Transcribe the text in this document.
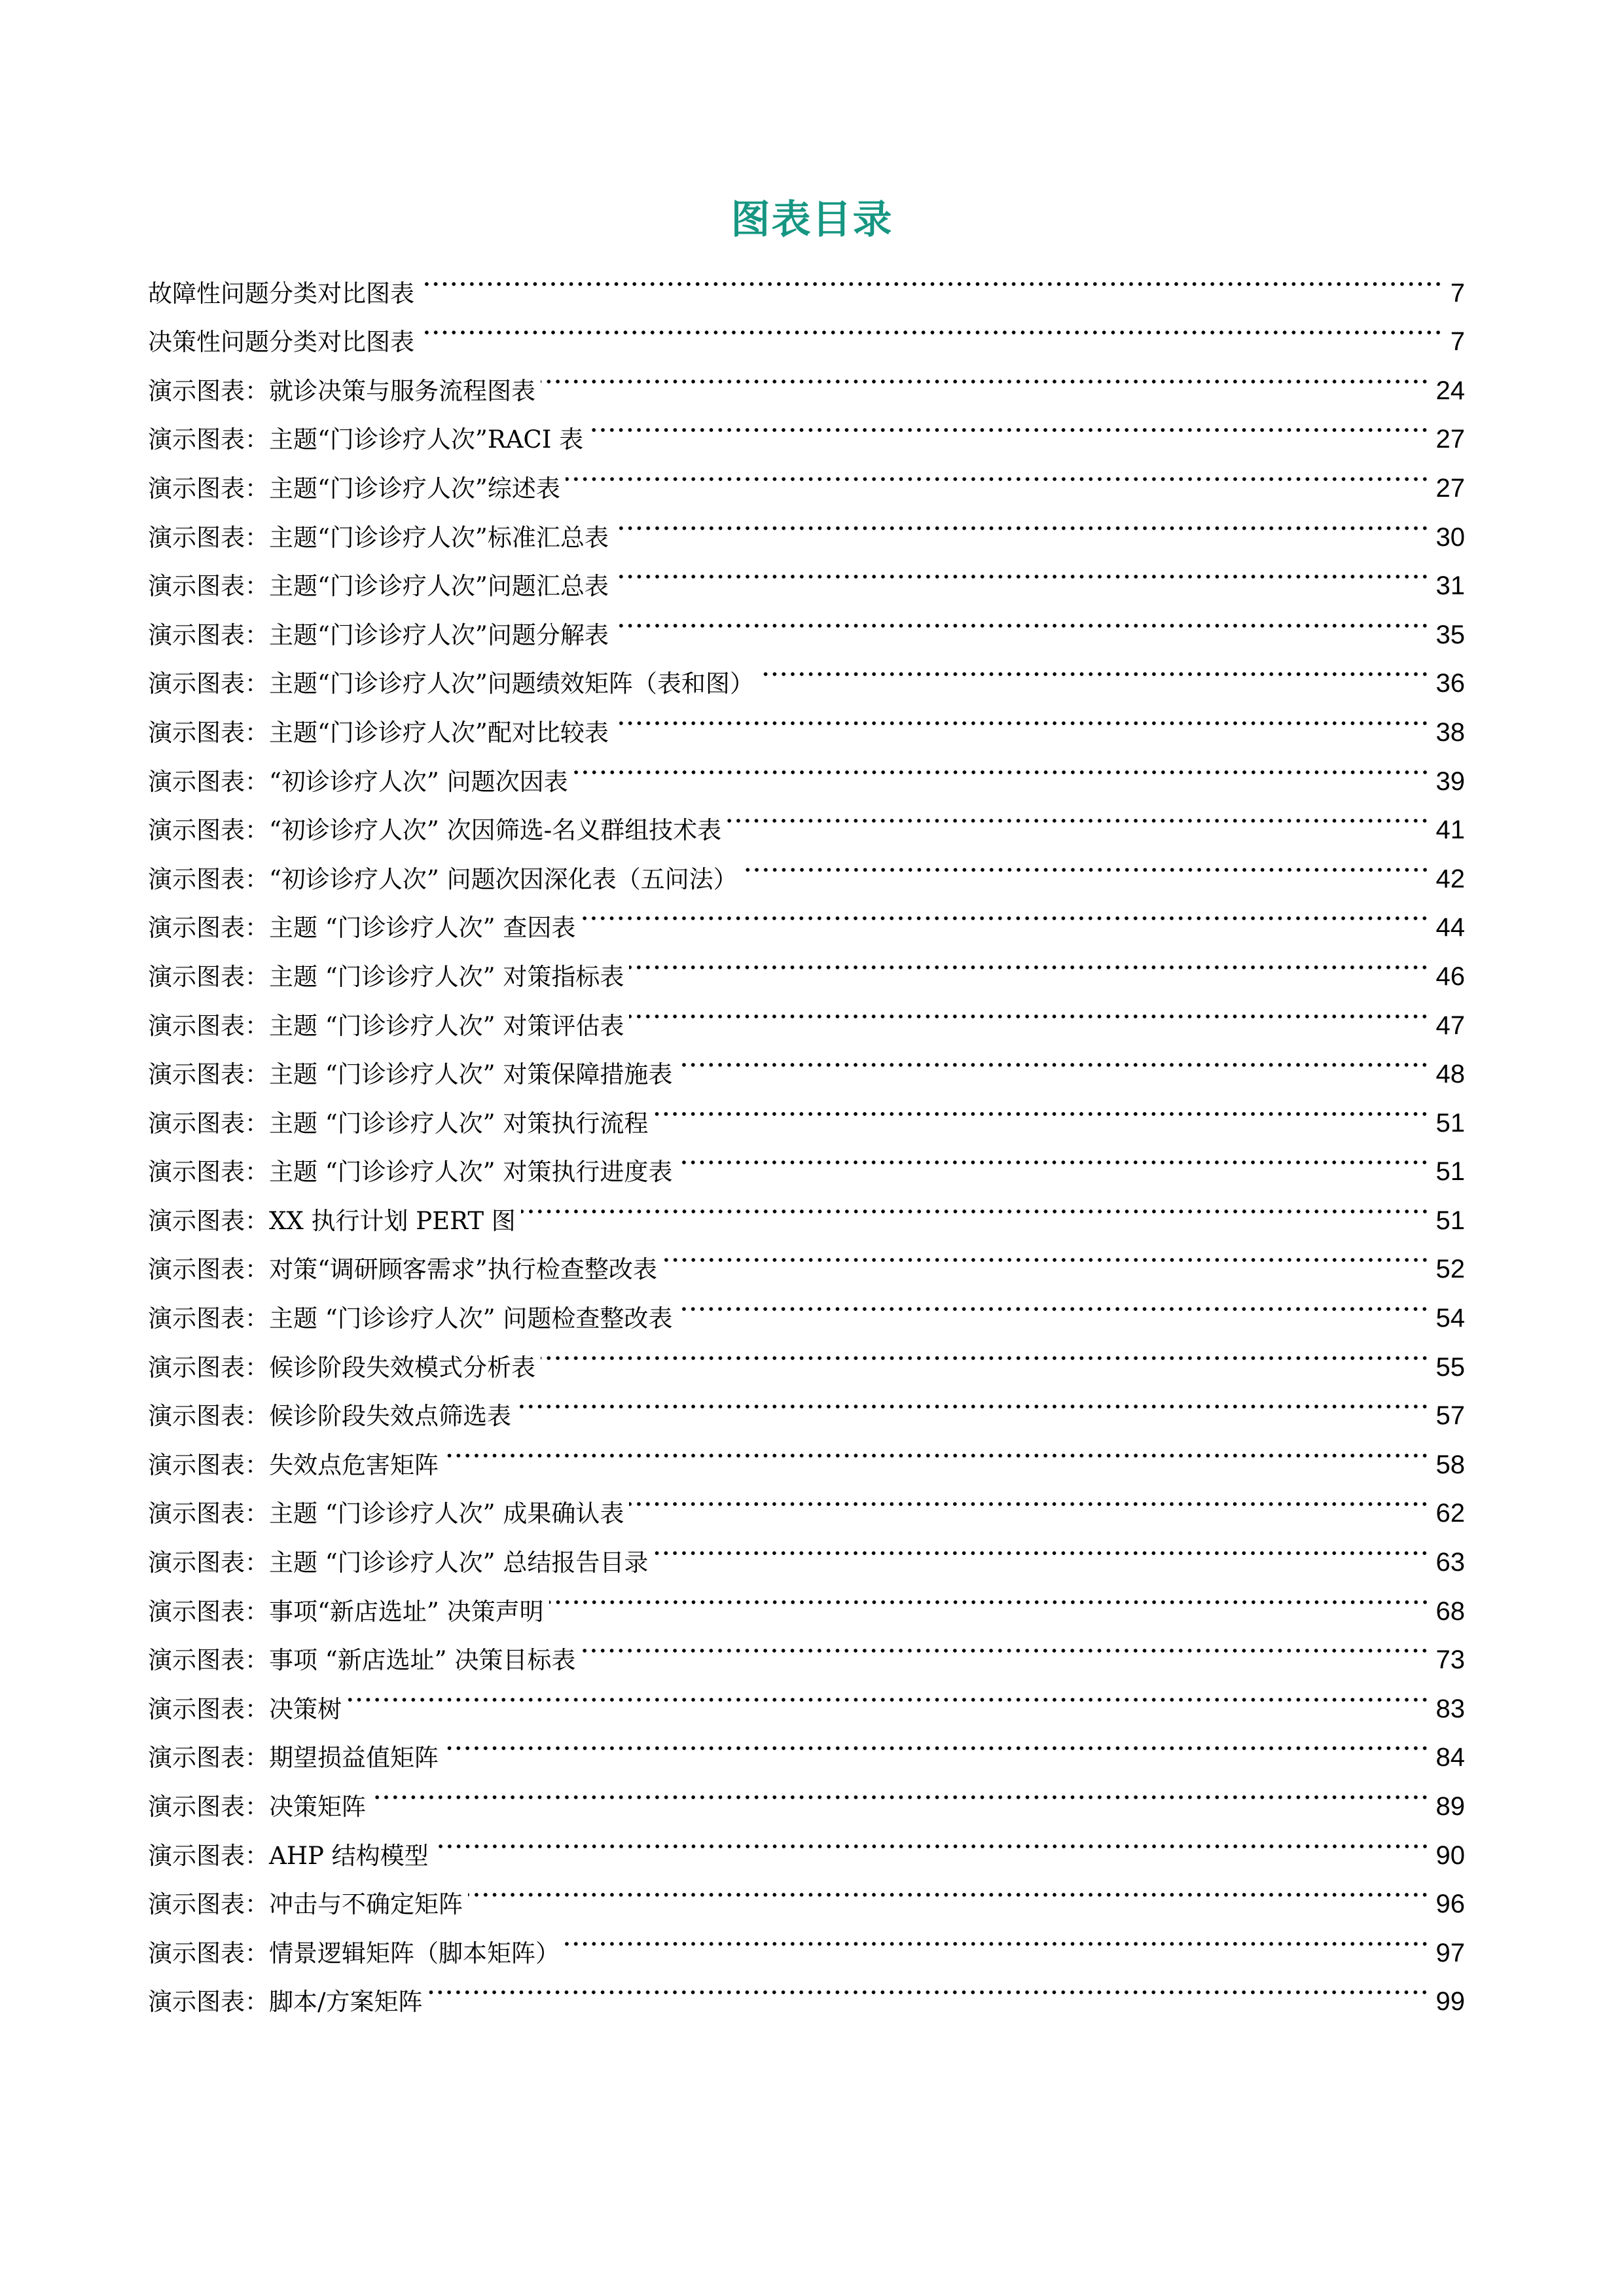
图表目录
故障性问题分类对比图表	7
决策性问题分类对比图表	7
演示图表：就诊决策与服务流程图表	24
演示图表：主题“门诊诊疗人次”RACI 表	27
演示图表：主题“门诊诊疗人次”综述表	27
演示图表：主题“门诊诊疗人次”标准汇总表	30
演示图表：主题“门诊诊疗人次”问题汇总表	31
演示图表：主题“门诊诊疗人次”问题分解表	35
演示图表：主题“门诊诊疗人次”问题绩效矩阵（表和图）	36
演示图表：主题“门诊诊疗人次”配对比较表	38
演示图表：“初诊诊疗人次” 问题次因表	39
演示图表：“初诊诊疗人次” 次因筛选-名义群组技术表	41
演示图表：“初诊诊疗人次” 问题次因深化表（五问法）	42
演示图表：主题 “门诊诊疗人次” 查因表	44
演示图表：主题 “门诊诊疗人次” 对策指标表	46
演示图表：主题 “门诊诊疗人次” 对策评估表	47
演示图表：主题 “门诊诊疗人次” 对策保障措施表	48
演示图表：主题 “门诊诊疗人次” 对策执行流程	51
演示图表：主题 “门诊诊疗人次” 对策执行进度表	51
演示图表：XX 执行计划 PERT 图	51
演示图表：对策“调研顾客需求”执行检查整改表	52
演示图表：主题 “门诊诊疗人次” 问题检查整改表	54
演示图表：候诊阶段失效模式分析表	55
演示图表：候诊阶段失效点筛选表	57
演示图表：失效点危害矩阵	58
演示图表：主题 “门诊诊疗人次” 成果确认表	62
演示图表：主题 “门诊诊疗人次” 总结报告目录	63
演示图表：事项“新店选址” 决策声明	68
演示图表：事项 “新店选址” 决策目标表	73
演示图表：决策树	83
演示图表：期望损益值矩阵	84
演示图表：决策矩阵	89
演示图表：AHP 结构模型	90
演示图表：冲击与不确定矩阵	96
演示图表：情景逻辑矩阵（脚本矩阵）	97
演示图表：脚本/方案矩阵	99
